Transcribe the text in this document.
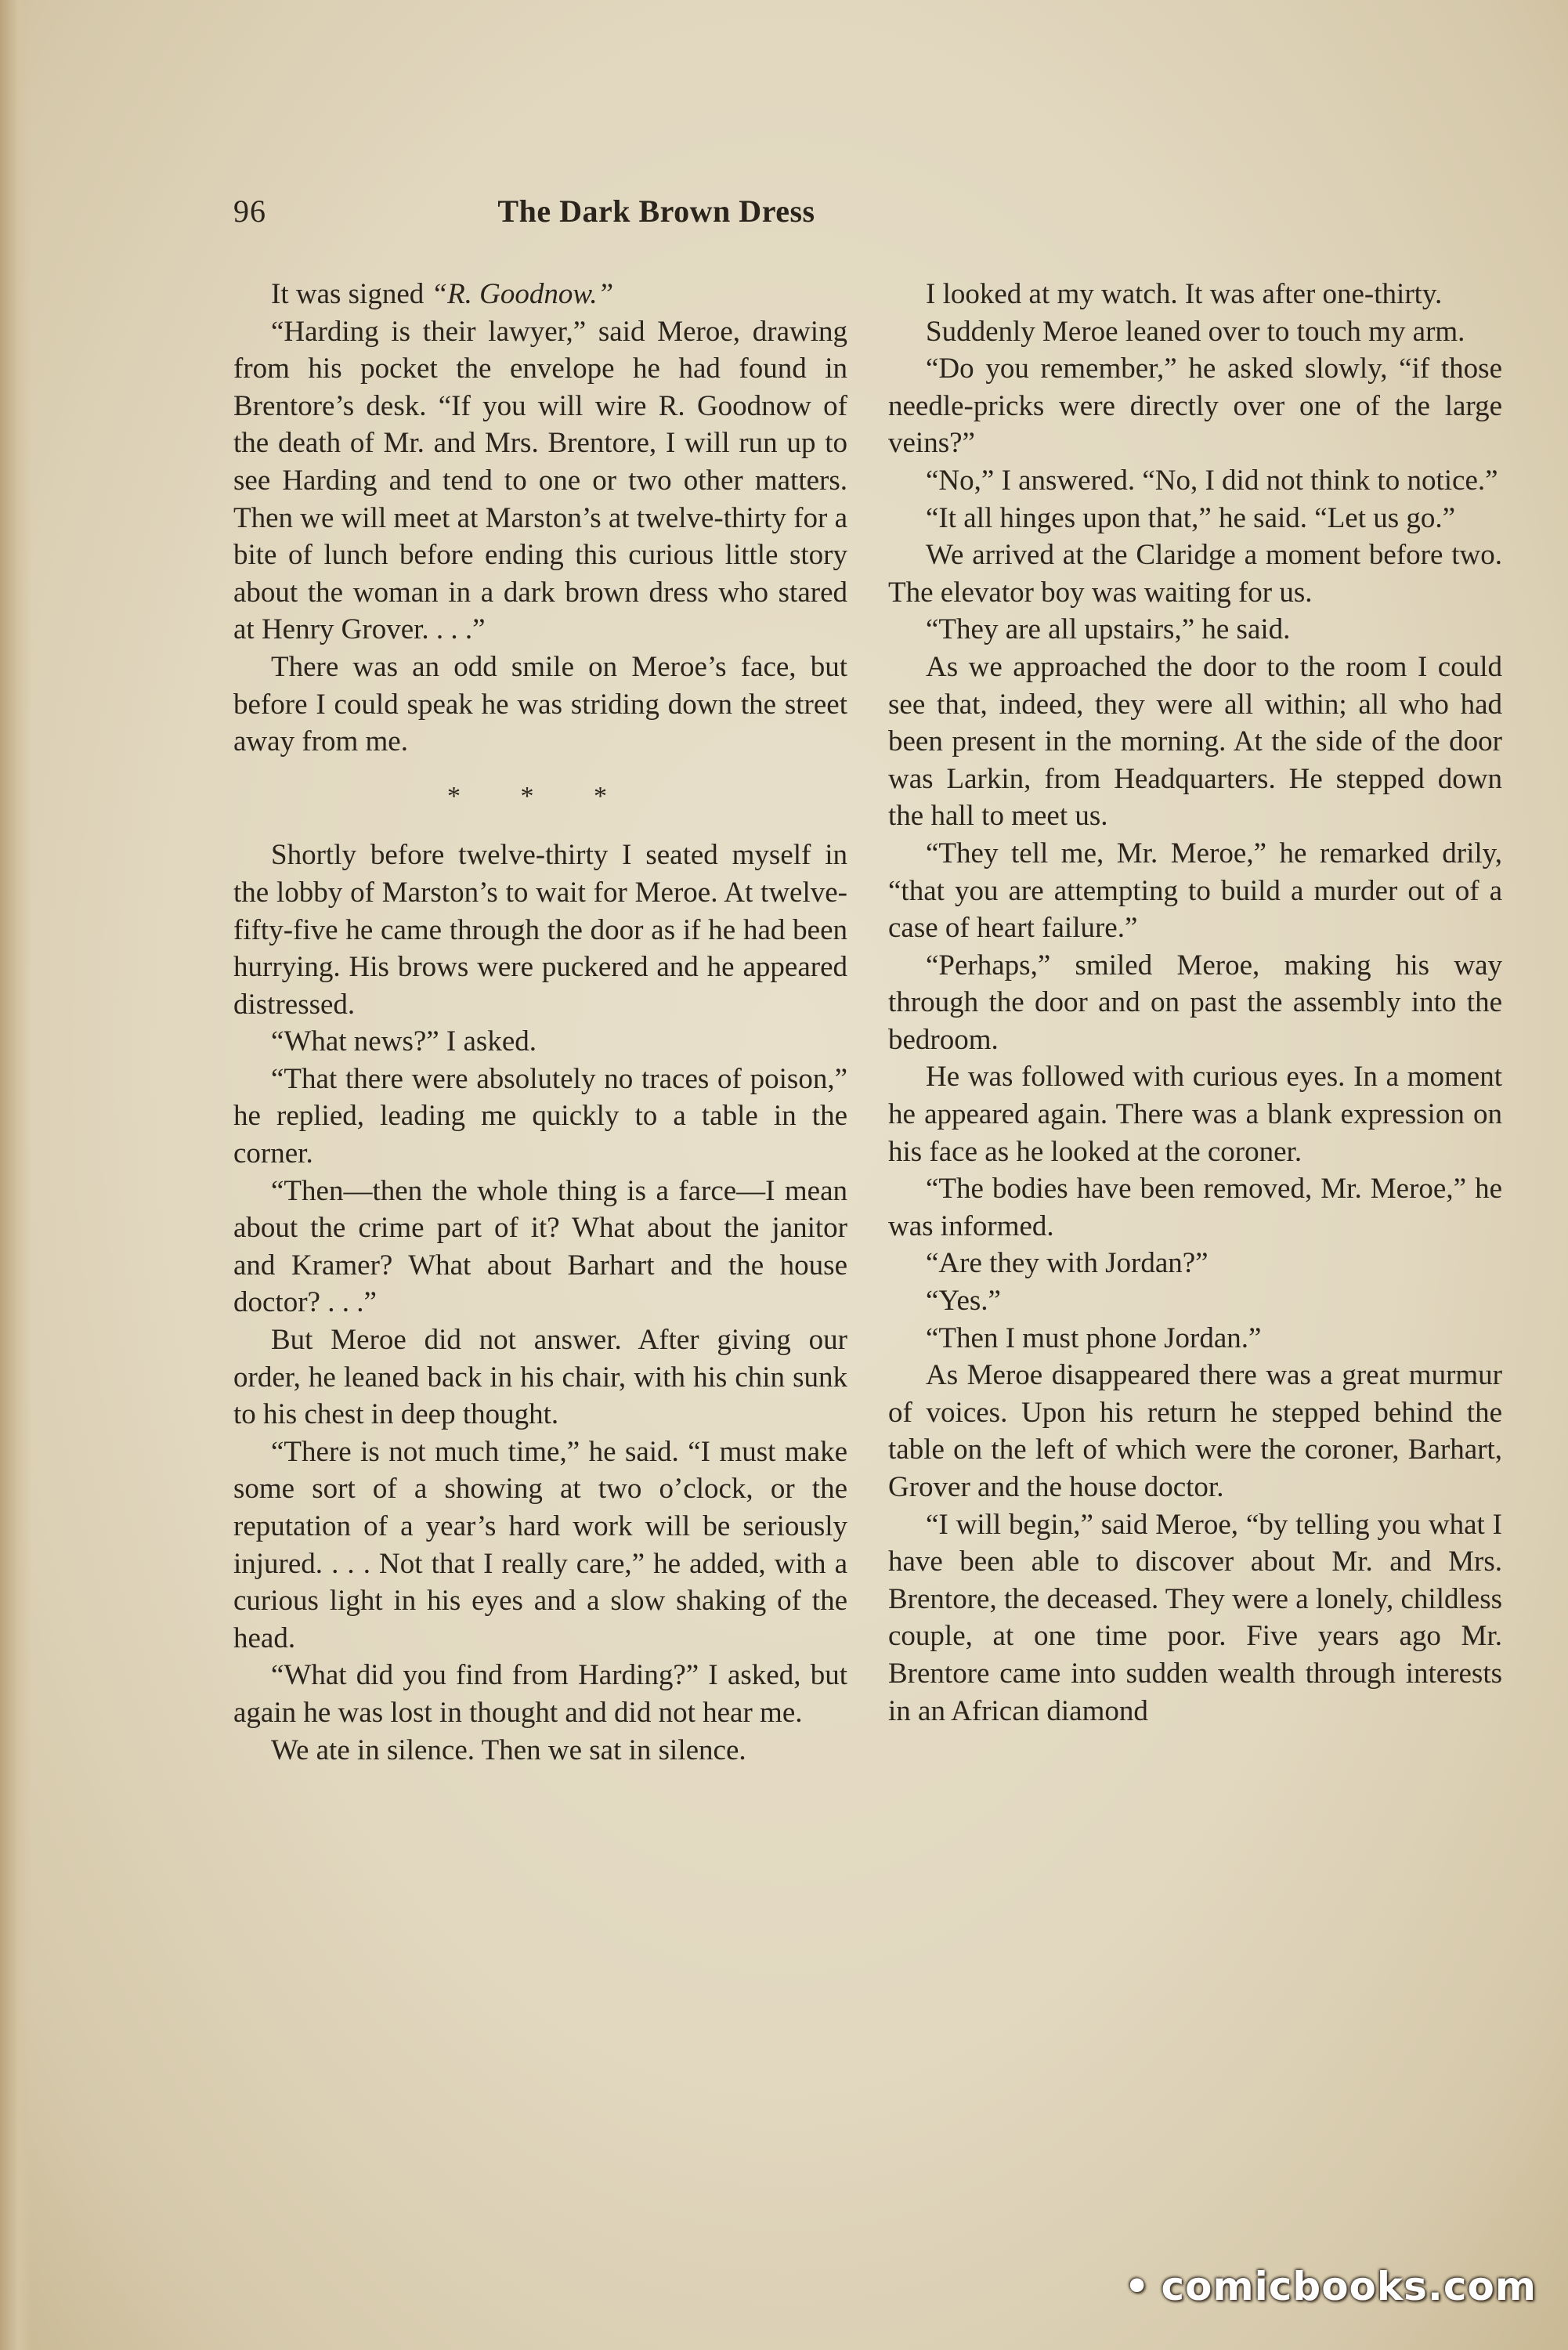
96	The Dark Brown Dress

It was signed “R. Goodnow.”

“Harding is their lawyer,” said Meroe, drawing from his pocket the envelope he had found in Brentore’s desk. “If you will wire R. Goodnow of the death of Mr. and Mrs. Brentore, I will run up to see Harding and tend to one or two other matters. Then we will meet at Marston’s at twelve-thirty for a bite of lunch before ending this curious little story about the woman in a dark brown dress who stared at Henry Grover. . . .”

There was an odd smile on Meroe’s face, but before I could speak he was striding down the street away from me.

* * *

Shortly before twelve-thirty I seated myself in the lobby of Marston’s to wait for Meroe. At twelve-fifty-five he came through the door as if he had been hurrying. His brows were puckered and he appeared distressed.

“What news?” I asked.

“That there were absolutely no traces of poison,” he replied, leading me quickly to a table in the corner.

“Then—then the whole thing is a farce—I mean about the crime part of it? What about the janitor and Kramer? What about Barhart and the house doctor? . . .”

But Meroe did not answer. After giving our order, he leaned back in his chair, with his chin sunk to his chest in deep thought.

“There is not much time,” he said. “I must make some sort of a showing at two o’clock, or the reputation of a year’s hard work will be seriously injured. . . . Not that I really care,” he added, with a curious light in his eyes and a slow shaking of the head.

“What did you find from Harding?” I asked, but again he was lost in thought and did not hear me.

We ate in silence. Then we sat in silence.

I looked at my watch. It was after one-thirty.

Suddenly Meroe leaned over to touch my arm.

“Do you remember,” he asked slowly, “if those needle-pricks were directly over one of the large veins?”

“No,” I answered. “No, I did not think to notice.”

“It all hinges upon that,” he said. “Let us go.”

We arrived at the Claridge a moment before two. The elevator boy was waiting for us.

“They are all upstairs,” he said.

As we approached the door to the room I could see that, indeed, they were all within; all who had been present in the morning. At the side of the door was Larkin, from Headquarters. He stepped down the hall to meet us.

“They tell me, Mr. Meroe,” he remarked drily, “that you are attempting to build a murder out of a case of heart failure.”

“Perhaps,” smiled Meroe, making his way through the door and on past the assembly into the bedroom.

He was followed with curious eyes. In a moment he appeared again. There was a blank expression on his face as he looked at the coroner.

“The bodies have been removed, Mr. Meroe,” he was informed.

“Are they with Jordan?”

“Yes.”

“Then I must phone Jordan.”

As Meroe disappeared there was a great murmur of voices. Upon his return he stepped behind the table on the left of which were the coroner, Barhart, Grover and the house doctor.

“I will begin,” said Meroe, “by telling you what I have been able to discover about Mr. and Mrs. Brentore, the deceased. They were a lonely, childless couple, at one time poor. Five years ago Mr. Brentore came into sudden wealth through interests in an African diamond

• comicbooks.com
